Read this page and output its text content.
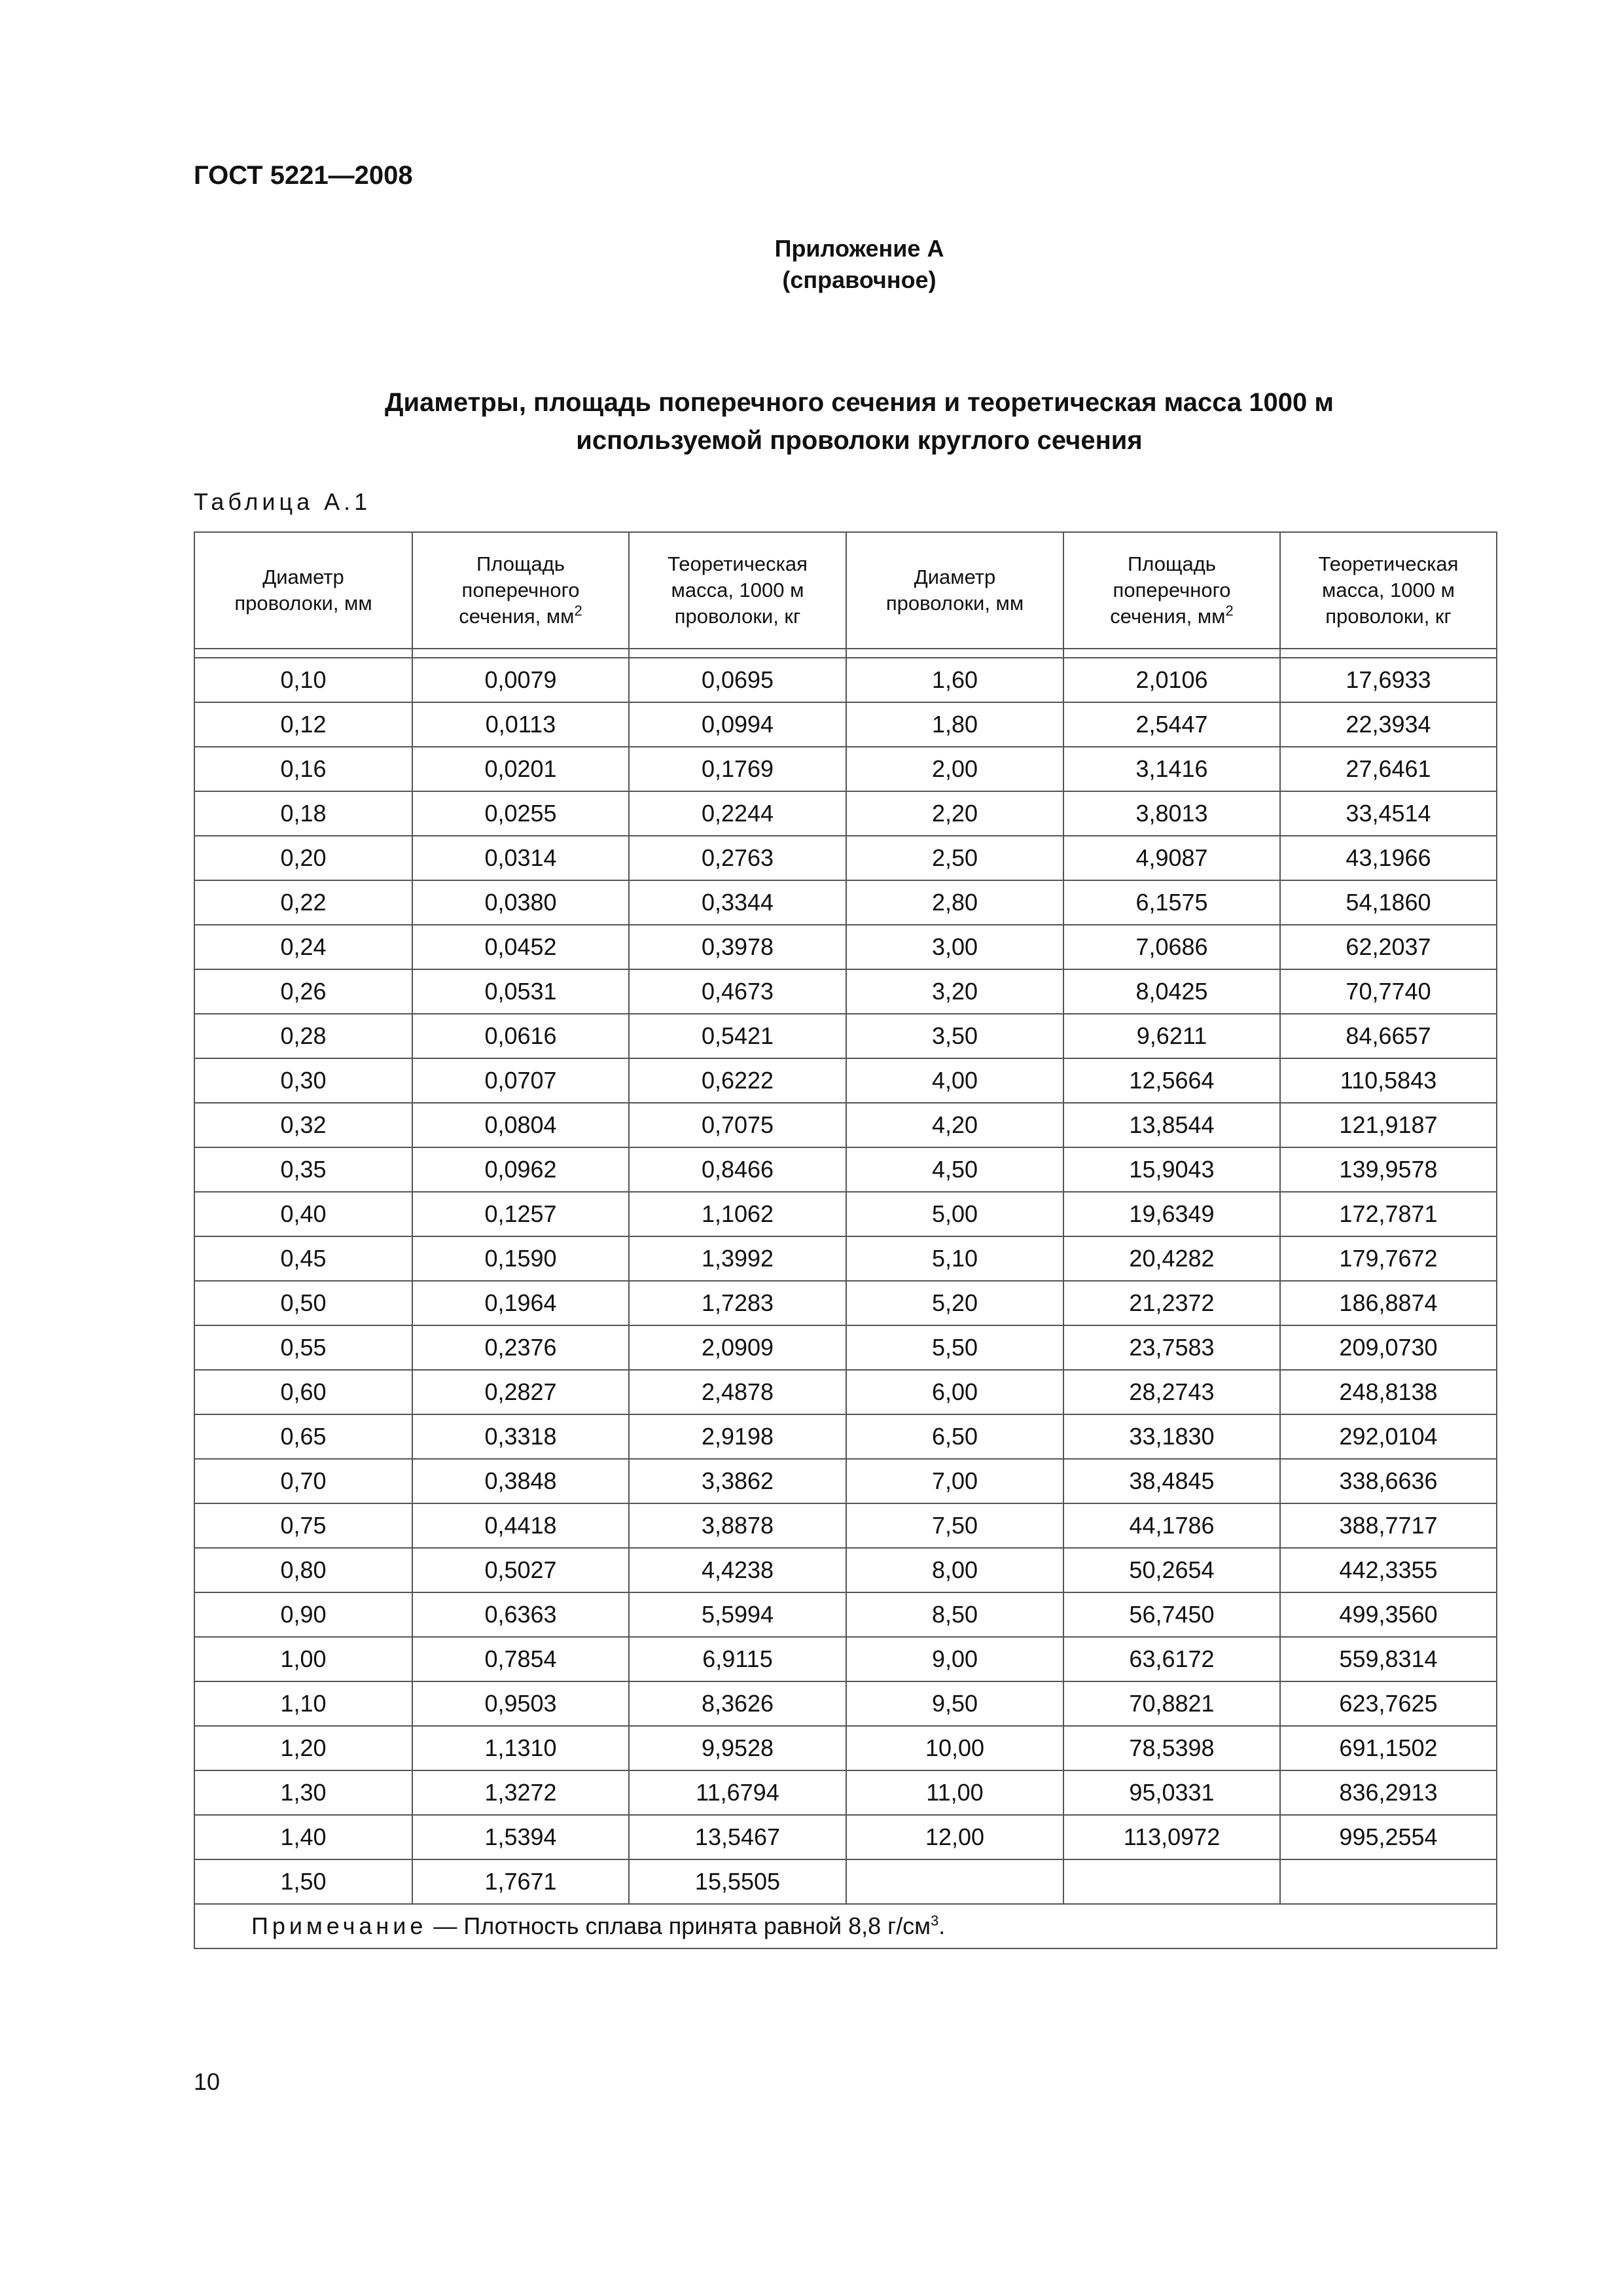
ГОСТ 5221—2008
Приложение А
(справочное)
Диаметры, площадь поперечного сечения и теоретическая масса 1000 м
используемой проволоки круглого сечения
Таблица А.1
Диаметр
проволоки, мм	Площадь
поперечного
сечения, $мм^2$	Теоретическая
масса, 1000 м
проволоки, кг	Диаметр
проволоки, мм	Площадь
поперечного
сечения, $мм^2$	Теоретическая
масса, 1000 м
проволоки, кг

0,10	0,0079	0,0695	1,60	2,0106	17,6933
0,12	0,0113	0,0994	1,80	2,5447	22,3934
0,16	0,0201	0,1769	2,00	3,1416	27,6461
0,18	0,0255	0,2244	2,20	3,8013	33,4514
0,20	0,0314	0,2763	2,50	4,9087	43,1966
0,22	0,0380	0,3344	2,80	6,1575	54,1860
0,24	0,0452	0,3978	3,00	7,0686	62,2037
0,26	0,0531	0,4673	3,20	8,0425	70,7740
0,28	0,0616	0,5421	3,50	9,6211	84,6657
0,30	0,0707	0,6222	4,00	12,5664	110,5843
0,32	0,0804	0,7075	4,20	13,8544	121,9187
0,35	0,0962	0,8466	4,50	15,9043	139,9578
0,40	0,1257	1,1062	5,00	19,6349	172,7871
0,45	0,1590	1,3992	5,10	20,4282	179,7672
0,50	0,1964	1,7283	5,20	21,2372	186,8874
0,55	0,2376	2,0909	5,50	23,7583	209,0730
0,60	0,2827	2,4878	6,00	28,2743	248,8138
0,65	0,3318	2,9198	6,50	33,1830	292,0104
0,70	0,3848	3,3862	7,00	38,4845	338,6636
0,75	0,4418	3,8878	7,50	44,1786	388,7717
0,80	0,5027	4,4238	8,00	50,2654	442,3355
0,90	0,6363	5,5994	8,50	56,7450	499,3560
1,00	0,7854	6,9115	9,00	63,6172	559,8314
1,10	0,9503	8,3626	9,50	70,8821	623,7625
1,20	1,1310	9,9528	10,00	78,5398	691,1502
1,30	1,3272	11,6794	11,00	95,0331	836,2913
1,40	1,5394	13,5467	12,00	113,0972	995,2554
1,50	1,7671	15,5505			
Примечание — Плотность сплава принята равной 8,8 $г/см^3$.					
10
